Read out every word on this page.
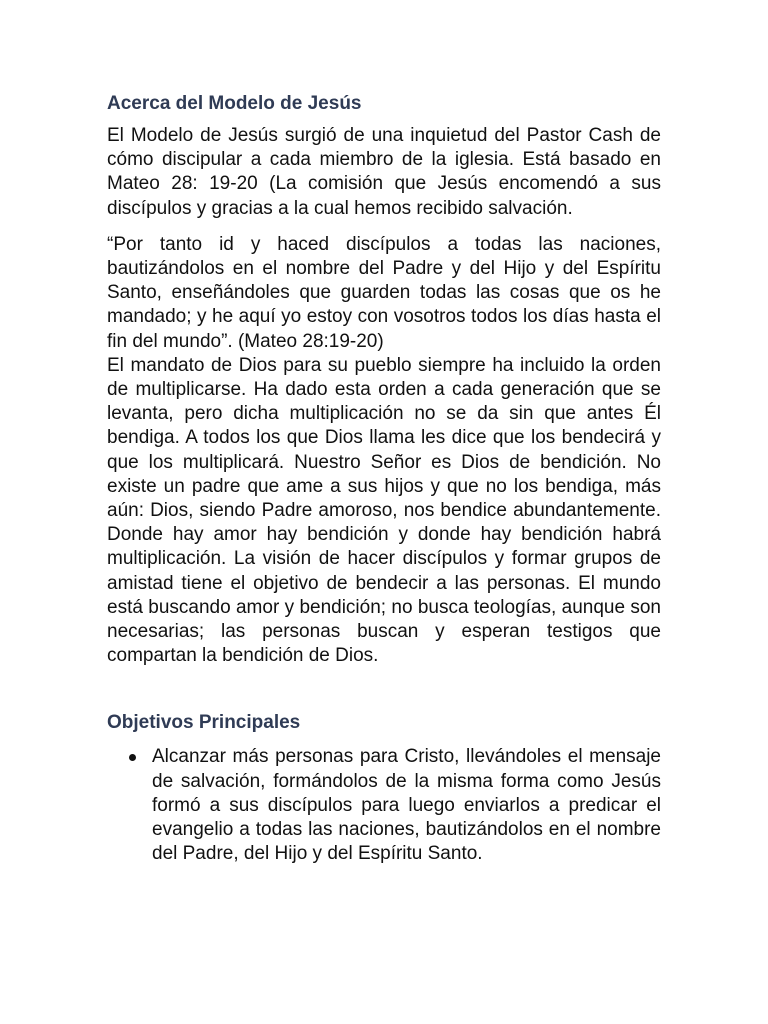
Acerca del Modelo de Jesús

El Modelo de Jesús surgió de una inquietud del Pastor Cash de cómo discipular a cada miembro de la iglesia. Está basado en Mateo 28: 19-20 (La comisión que Jesús encomendó a sus discípulos y gracias a la cual hemos recibido salvación.

“Por tanto id y haced discípulos a todas las naciones, bautizándolos en el nombre del Padre y del Hijo y del Espíritu Santo, enseñándoles que guarden todas las cosas que os he mandado; y he aquí yo estoy con vosotros todos los días hasta el fin del mundo”. (Mateo 28:19-20)

El mandato de Dios para su pueblo siempre ha incluido la orden de multiplicarse. Ha dado esta orden a cada generación que se levanta, pero dicha multiplicación no se da sin que antes Él bendiga. A todos los que Dios llama les dice que los bendecirá y que los multiplicará. Nuestro Señor es Dios de bendición. No existe un padre que ame a sus hijos y que no los bendiga, más aún: Dios, siendo Padre amoroso, nos bendice abundantemente. Donde hay amor hay bendición y donde hay bendición habrá multiplicación. La visión de hacer discípulos y formar grupos de amistad tiene el objetivo de bendecir a las personas. El mundo está buscando amor y bendición; no busca teologías, aunque son necesarias; las personas buscan y esperan testigos que compartan la bendición de Dios.

Objetivos Principales

Alcanzar más personas para Cristo, llevándoles el mensaje de salvación, formándolos de la misma forma como Jesús formó a sus discípulos para luego enviarlos a predicar el evangelio a todas las naciones, bautizándolos en el nombre del Padre, del Hijo y del Espíritu Santo.
